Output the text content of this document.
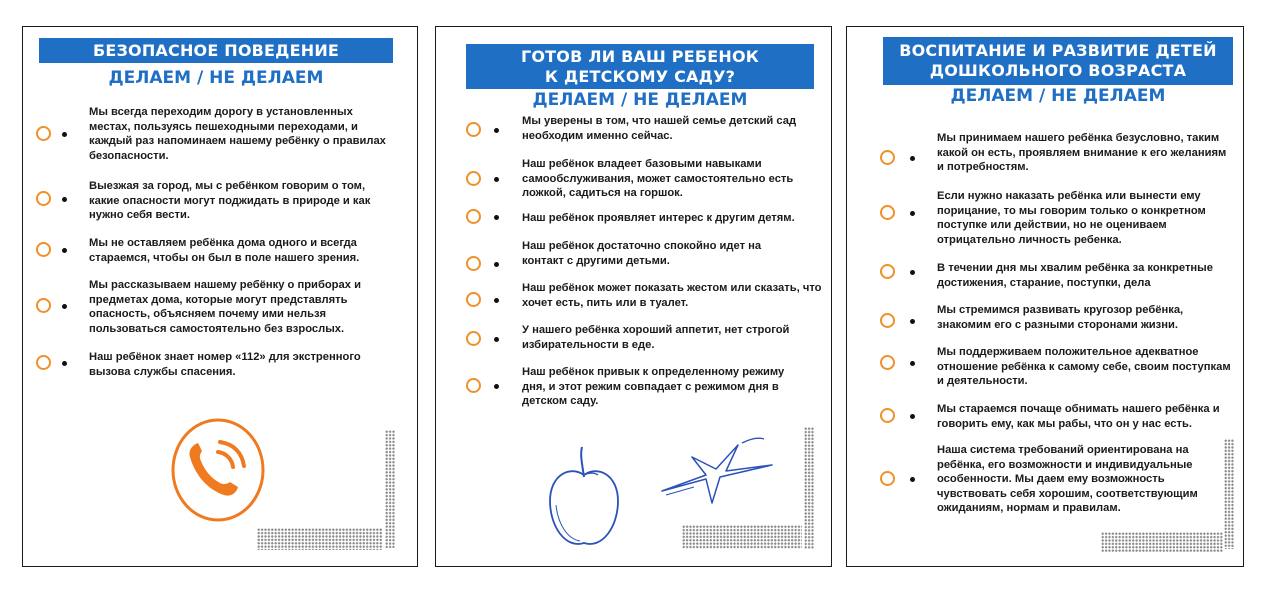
БЕЗОПАСНОЕ ПОВЕДЕНИЕ
ДЕЛАЕМ / НЕ ДЕЛАЕМ
Мы всегда переходим дорогу в установленных местах, пользуясь пешеходными переходами, и каждый раз напоминаем нашему ребёнку о правилах безопасности.
Выезжая за город, мы с ребёнком говорим о том, какие опасности могут поджидать в природе и как нужно себя вести.
Мы не оставляем ребёнка дома одного и всегда стараемся, чтобы он был в поле нашего зрения.
Мы рассказываем нашему ребёнку о приборах и предметах дома, которые могут представлять опасность, объясняем почему ими нельзя пользоваться самостоятельно без взрослых.
Наш ребёнок знает номер «112» для экстренного вызова службы спасения.
ГОТОВ ЛИ ВАШ РЕБЕНОК
К ДЕТСКОМУ САДУ?
ДЕЛАЕМ / НЕ ДЕЛАЕМ
Мы уверены в том, что нашей семье детский сад необходим именно сейчас.
Наш ребёнок владеет базовыми навыками самообслуживания, может самостоятельно есть ложкой, садиться на горшок.
Наш ребёнок проявляет интерес к другим детям.
Наш ребёнок достаточно спокойно идет на контакт с другими детьми.
Наш ребёнок может показать жестом или сказать, что хочет есть, пить или в туалет.
У нашего ребёнка хороший аппетит, нет строгой избирательности в еде.
Наш ребёнок привык к определенному режиму дня, и этот режим совпадает с режимом дня в детском саду.
ВОСПИТАНИЕ И РАЗВИТИЕ ДЕТЕЙ
ДОШКОЛЬНОГО ВОЗРАСТА
ДЕЛАЕМ / НЕ ДЕЛАЕМ
Мы принимаем нашего ребёнка безусловно, таким какой он есть, проявляем внимание к его желаниям и потребностям.
Если нужно наказать ребёнка или вынести ему порицание, то мы говорим только о конкретном поступке или действии, но не оцениваем отрицательно личность ребенка.
В течении дня мы хвалим ребёнка за конкретные достижения, старание, поступки, дела
Мы стремимся развивать кругозор ребёнка, знакомим его с разными сторонами жизни.
Мы поддерживаем положительное адекватное отношение ребёнка к самому себе, своим поступкам и деятельности.
Мы стараемся почаще обнимать нашего ребёнка и говорить ему, как мы рабы, что он у нас есть.
Наша система требований ориентирована на ребёнка, его возможности и индивидуальные особенности. Мы даем ему возможность чувствовать себя хорошим, соответствующим ожиданиям, нормам и правилам.
